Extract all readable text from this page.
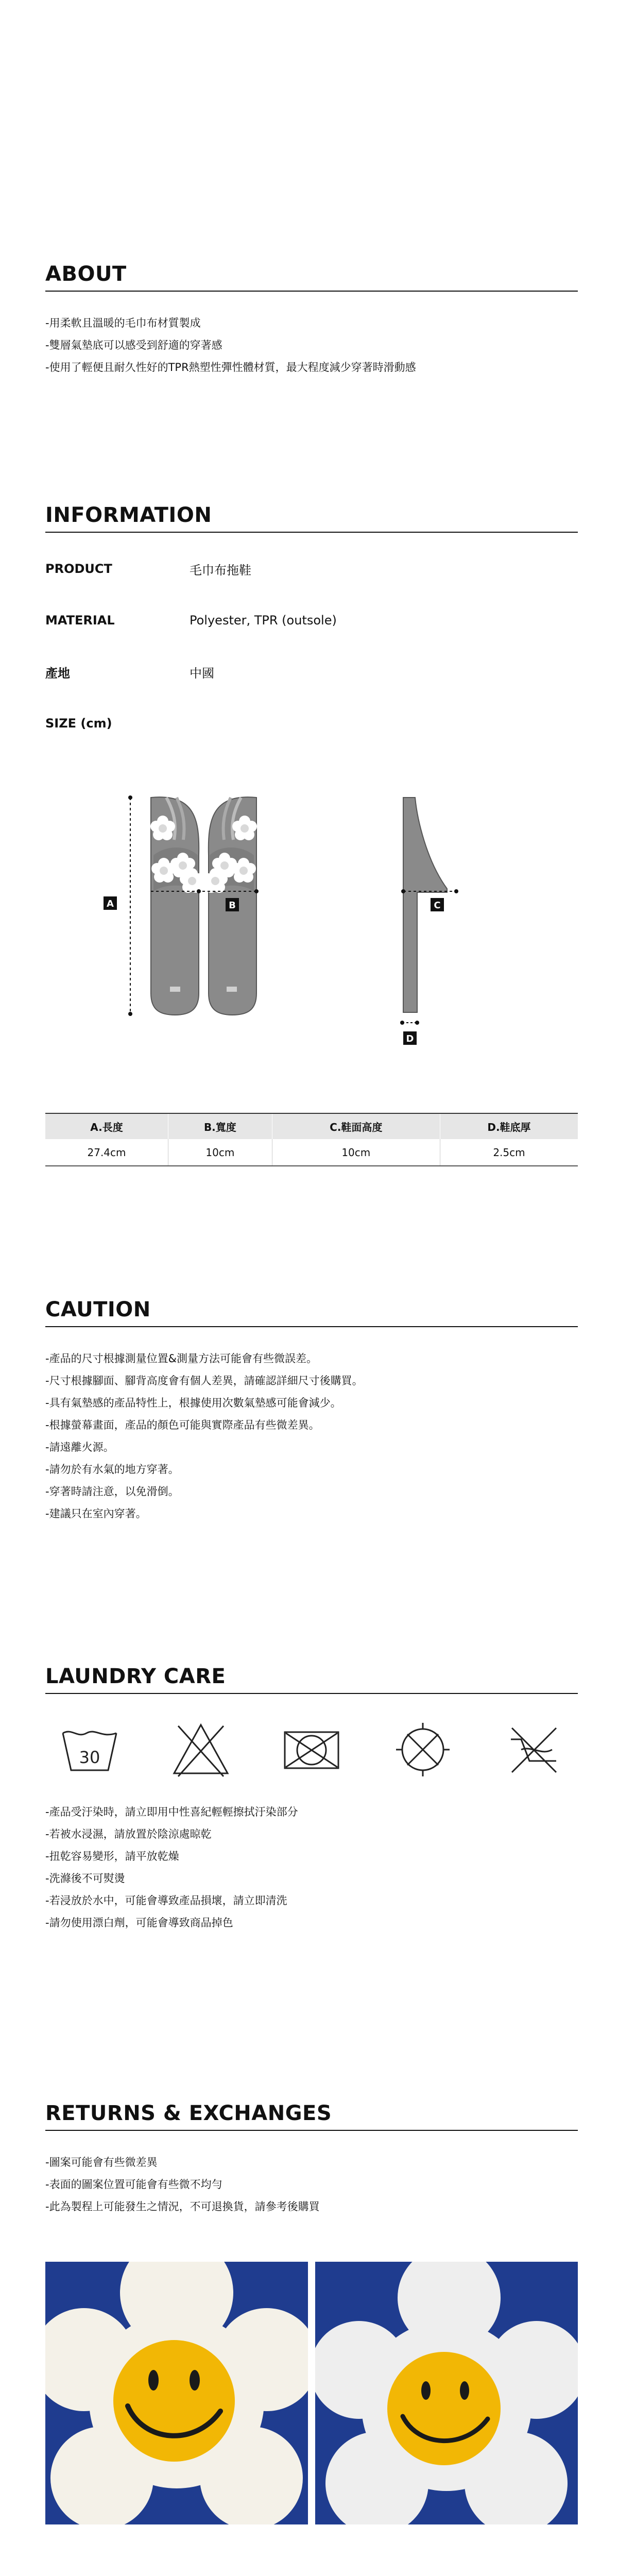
ABOUT

-用柔軟且溫暖的毛巾布材質製成

-雙層氣墊底可以感受到舒適的穿著感

-使用了輕便且耐久性好的TPR熱塑性彈性體材質，最大程度減少穿著時滑動感

INFORMATION
PRODUCT	毛巾布拖鞋
MATERIAL	Polyester, TPR (outsole)
產地	中國
SIZE (cm)
A	B	C
D
A.長度	B.寬度	C.鞋面高度	D.鞋底厚
27.4cm	10cm	10cm	2.5cm
CAUTION

-產品的尺寸根據測量位置&測量方法可能會有些微誤差。

-尺寸根據腳面、腳背高度會有個人差異，請確認詳細尺寸後購買。

-具有氣墊感的產品特性上，根據使用次數氣墊感可能會減少。

-根據螢幕畫面，產品的顏色可能與實際產品有些微差異。

-請遠離火源。

-請勿於有水氣的地方穿著。

-穿著時請注意，以免滑倒。

-建議只在室內穿著。

LAUNDRY CARE
30

-產品受汙染時，請立即用中性喜紀輕輕擦拭汙染部分

-若被水浸濕，請放置於陰涼處晾乾

-扭乾容易變形，請平放乾燥

-洗滌後不可熨燙

-若浸放於水中，可能會導致產品損壞，請立即清洗

-請勿使用漂白劑，可能會導致商品掉色

RETURNS & EXCHANGES

-圖案可能會有些微差異

-表面的圖案位置可能會有些微不均勻

-此為製程上可能發生之情況，不可退換貨，請參考後購買
